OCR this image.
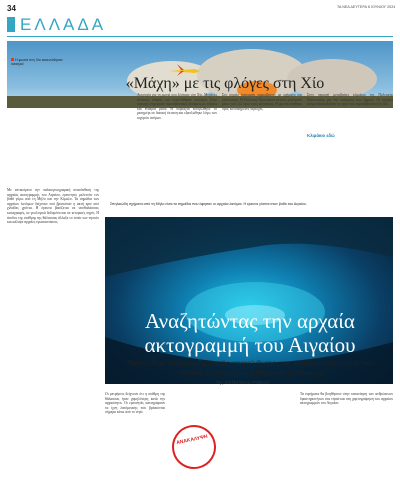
34	ΤΑ ΝΕΑ ΔΕΥΤΕΡΑ 6 ΙΟΥΝΙΟΥ 2024
ΕΛΛΑΔΑ
Η φωτιά στη Χίο εκκενώθηκαν οικισμοί
«Μάχη» με τις φλόγες στη Χίο
Ανησυχία για τη φωτιά που ξέσπασε στη Χίο. Μεγάλες εκτάσεις κάηκαν και εκκενώθηκαν οικισμοί. Στην περιοχή επιχειρούν πυροσβεστικές δυνάμεις με επίγεια και εναέρια μέσα. Η πυρκαγιά εκδηλώθηκε το μεσημέρι σε δασική έκταση και εξαπλώθηκε λόγω των ισχυρών ανέμων.
Στο σημείο έσπευσαν πυροσβέστες με οχήματα και ελικόπτερα. Η Πολιτική Προστασία έστειλε μηνύματα μέσω του 112 προς τους κατοίκους. Η φωτιά κινήθηκε προς κατοικημένες περιοχές.
Στην περιοχή μεταβαίνει κλιμάκιο της Πολιτικής Προστασίας για την εκτίμηση των ζημιών. Οι ισχυροί άνεμοι δυσκολεύουν το έργο των πυροσβεστών στη Χίο.
Κλιμάκιο εδώ
Με αντικείμενο την παλαιογεωγραφική ανασύνθεση της αρχαίας ακτογραμμής του Αιγαίου, ερευνητές μελετούν τον βυθό γύρω από τη Μήλο και την Κίμωλο. Τα σημάδια των αρχαίων λατόμων δείχνουν πού βρισκόταν η ακτή πριν από χιλιάδες χρόνια. Η έρευνα βασίζεται σε υποθαλάσσιες καταγραφές, σε γεωλογικά δεδομένα και σε ιστορικές πηγές. Η άνοδος της στάθμης της θάλασσας άλλαξε το τοπίο των νησιών και κάλυψε αρχαίες εγκαταστάσεις.
Σπηλαιώδη σχήματα από τη Μήλο είναι τα σημάδια που άφησαν οι αρχαίοι λατόμοι. Η έρευνα γίνεται στον βυθό του Αιγαίου.
Αναζητώντας την αρχαία ακτογραμμή του Αιγαίου
Προσπάθεια παλαιογεωγραφικής «ανασύνθεσης» της αρχαίας ακτογραμμής του Αιγαίου, με επίκεντρο τη Μήλο και την Κίμωλο
Της ΚΑΤΕΡΙΝΑΣ ΡΟΒΗΛΙ
Οι μετρήσεις δείχνουν ότι η στάθμη της θάλασσας ήταν χαμηλότερη κατά την αρχαιότητα. Οι ερευνητές καταγράφουν τα ίχνη λατόμευσης που βρίσκονται σήμερα κάτω από το νερό.
Τα ευρήματα θα βοηθήσουν στην κατανόηση των ανθρώπινων δραστηριοτήτων στα νησιά και στη χαρτογράφηση των αρχαίων ακτογραμμών του Αιγαίου.
ΑΝΑΚΑΛΥΨΗ
